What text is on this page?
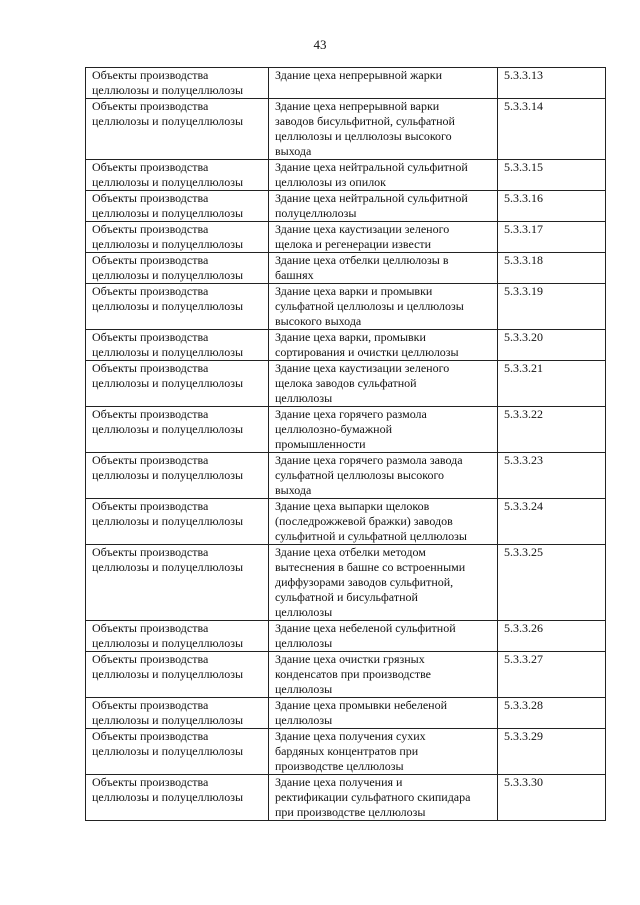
43
Объекты производства
целлюлозы и полуцеллюлозы	Здание цеха непрерывной жарки	5.3.3.13
Объекты производства
целлюлозы и полуцеллюлозы	Здание цеха непрерывной варки
заводов бисульфитной, сульфатной
целлюлозы и целлюлозы высокого
выхода	5.3.3.14
Объекты производства
целлюлозы и полуцеллюлозы	Здание цеха нейтральной сульфитной
целлюлозы из опилок	5.3.3.15
Объекты производства
целлюлозы и полуцеллюлозы	Здание цеха нейтральной сульфитной
полуцеллюлозы	5.3.3.16
Объекты производства
целлюлозы и полуцеллюлозы	Здание цеха каустизации зеленого
щелока и регенерации извести	5.3.3.17
Объекты производства
целлюлозы и полуцеллюлозы	Здание цеха отбелки целлюлозы в
башнях	5.3.3.18
Объекты производства
целлюлозы и полуцеллюлозы	Здание цеха варки и промывки
сульфатной целлюлозы и целлюлозы
высокого выхода	5.3.3.19
Объекты производства
целлюлозы и полуцеллюлозы	Здание цеха варки, промывки
сортирования и очистки целлюлозы	5.3.3.20
Объекты производства
целлюлозы и полуцеллюлозы	Здание цеха каустизации зеленого
щелока заводов сульфатной
целлюлозы	5.3.3.21
Объекты производства
целлюлозы и полуцеллюлозы	Здание цеха горячего размола
целлюлозно-бумажной
промышленности	5.3.3.22
Объекты производства
целлюлозы и полуцеллюлозы	Здание цеха горячего размола завода
сульфатной целлюлозы высокого
выхода	5.3.3.23
Объекты производства
целлюлозы и полуцеллюлозы	Здание цеха выпарки щелоков
(последрожжевой бражки) заводов
сульфитной и сульфатной целлюлозы	5.3.3.24
Объекты производства
целлюлозы и полуцеллюлозы	Здание цеха отбелки методом
вытеснения в башне со встроенными
диффузорами заводов сульфитной,
сульфатной и бисульфатной
целлюлозы	5.3.3.25
Объекты производства
целлюлозы и полуцеллюлозы	Здание цеха небеленой сульфитной
целлюлозы	5.3.3.26
Объекты производства
целлюлозы и полуцеллюлозы	Здание цеха очистки грязных
конденсатов при производстве
целлюлозы	5.3.3.27
Объекты производства
целлюлозы и полуцеллюлозы	Здание цеха промывки небеленой
целлюлозы	5.3.3.28
Объекты производства
целлюлозы и полуцеллюлозы	Здание цеха получения сухих
бардяных концентратов при
производстве целлюлозы	5.3.3.29
Объекты производства
целлюлозы и полуцеллюлозы	Здание цеха получения и
ректификации сульфатного скипидара
при производстве целлюлозы	5.3.3.30
